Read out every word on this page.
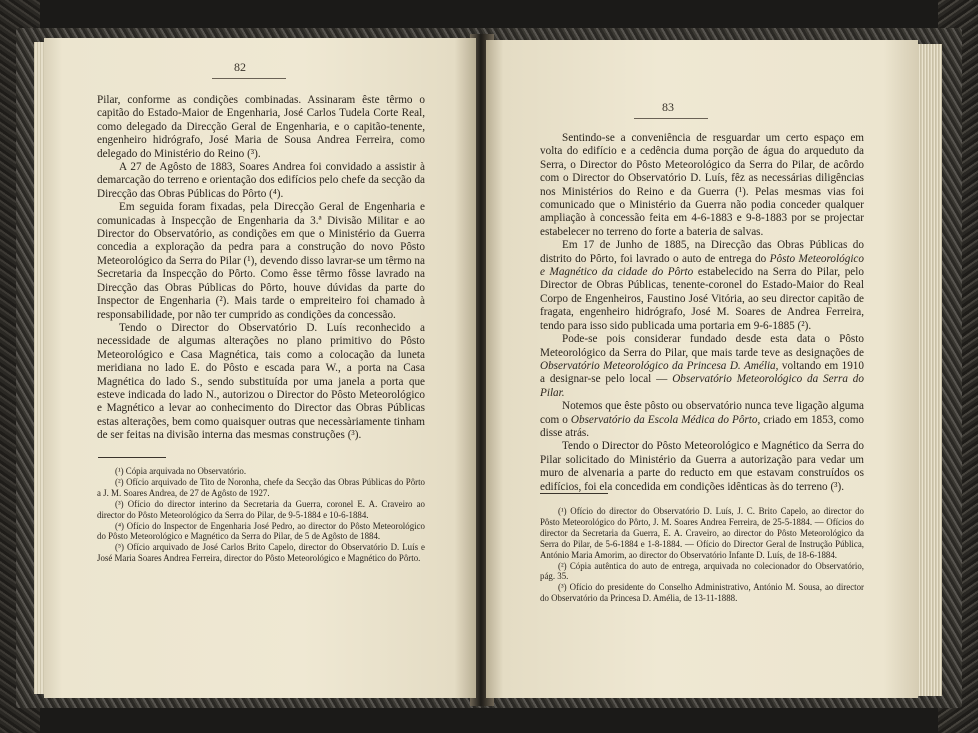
82

Pilar, conforme as condições combinadas. Assinaram êste têrmo o capitão do Estado-Maior de Engenharia, José Carlos Tudela Corte Real, como delegado da Direcção Geral de Engenharia, e o capitão-tenente, engenheiro hidrógrafo, José Maria de Sousa Andrea Ferreira, como delegado do Ministério do Reino (³).

A 27 de Agôsto de 1883, Soares Andrea foi convidado a assistir à demarcação do terreno e orientação dos edifícios pelo chefe da secção da Direcção das Obras Públicas do Pôrto (⁴).

Em seguida foram fixadas, pela Direcção Geral de Engenharia e comunicadas à Inspecção de Engenharia da 3.ª Divisão Militar e ao Director do Observatório, as condições em que o Ministério da Guerra concedia a exploração da pedra para a construção do novo Pôsto Meteorológico da Serra do Pilar (¹), devendo disso lavrar-se um têrmo na Secretaria da Inspecção do Pôrto. Como êsse têrmo fôsse lavrado na Direcção das Obras Públicas do Pôrto, houve dúvidas da parte do Inspector de Engenharia (²). Mais tarde o empreiteiro foi chamado à responsabilidade, por não ter cumprido as condições da concessão.

Tendo o Director do Observatório D. Luís reconhecido a necessidade de algumas alterações no plano primitivo do Pôsto Meteorológico e Casa Magnética, tais como a colocação da luneta meridiana no lado E. do Pôsto e escada para W., a porta na Casa Magnética do lado S., sendo substituída por uma janela a porta que esteve indicada do lado N., autorizou o Director do Pôsto Meteorológico e Magnético a levar ao conhecimento do Director das Obras Públicas estas alterações, bem como quaisquer outras que necessàriamente tinham de ser feitas na divisão interna das mesmas construções (³).

(¹) Cópia arquivada no Observatório.

(²) Ofício arquivado de Tito de Noronha, chefe da Secção das Obras Públicas do Pôrto a J. M. Soares Andrea, de 27 de Agôsto de 1927.

(³) Ofício do director interino da Secretaria da Guerra, coronel E. A. Craveiro ao director do Pôsto Meteorológico da Serra do Pilar, de 9-5-1884 e 10-6-1884.

(⁴) Ofício do Inspector de Engenharia José Pedro, ao director do Pôsto Meteorológico do Pôsto Meteorológico e Magnético da Serra do Pilar, de 5 de Agôsto de 1884.

(⁵) Ofício arquivado de José Carlos Brito Capelo, director do Observatório D. Luís e José Maria Soares Andrea Ferreira, director do Pôsto Meteorológico e Magnético do Pôrto.

83

Sentindo-se a conveniência de resguardar um certo espaço em volta do edifício e a cedência duma porção de água do arqueduto da Serra, o Director do Pôsto Meteorológico da Serra do Pilar, de acôrdo com o Director do Observatório D. Luís, fêz as necessárias diligências nos Ministérios do Reino e da Guerra (¹). Pelas mesmas vias foi comunicado que o Ministério da Guerra não podia conceder qualquer ampliação à concessão feita em 4-6-1883 e 9-8-1883 por se projectar estabelecer no terreno do forte a bateria de salvas.

Em 17 de Junho de 1885, na Direcção das Obras Públicas do distrito do Pôrto, foi lavrado o auto de entrega do Pôsto Meteorológico e Magnético da cidade do Pôrto estabelecido na Serra do Pilar, pelo Director de Obras Públicas, tenente-coronel do Estado-Maior do Real Corpo de Engenheiros, Faustino José Vitória, ao seu director capitão de fragata, engenheiro hidrógrafo, José M. Soares de Andrea Ferreira, tendo para isso sido publicada uma portaria em 9-6-1885 (²).

Pode-se pois considerar fundado desde esta data o Pôsto Meteorológico da Serra do Pilar, que mais tarde teve as designações de Observatório Meteorológico da Princesa D. Amélia, voltando em 1910 a designar-se pelo local — Observatório Meteorológico da Serra do Pilar.

Notemos que êste pôsto ou observatório nunca teve ligação alguma com o Observatório da Escola Médica do Pôrto, criado em 1853, como disse atrás.

Tendo o Director do Pôsto Meteorológico e Magnético da Serra do Pilar solicitado do Ministério da Guerra a autorização para vedar um muro de alvenaria a parte do reducto em que estavam construídos os edifícios, foi ela concedida em condições idênticas às do terreno (³).

(¹) Ofício do director do Observatório D. Luís, J. C. Brito Capelo, ao director do Pôsto Meteorológico do Pôrto, J. M. Soares Andrea Ferreira, de 25-5-1884. — Ofícios do director da Secretaria da Guerra, E. A. Craveiro, ao director do Pôsto Meteorológico da Serra do Pilar, de 5-6-1884 e 1-8-1884. — Ofício do Director Geral de Instrução Pública, António Maria Amorim, ao director do Observatório Infante D. Luís, de 18-6-1884.

(²) Cópia autêntica do auto de entrega, arquivada no colecionador do Observatório, pág. 35.

(³) Ofício do presidente do Conselho Administrativo, António M. Sousa, ao director do Observatório da Princesa D. Amélia, de 13-11-1888.
